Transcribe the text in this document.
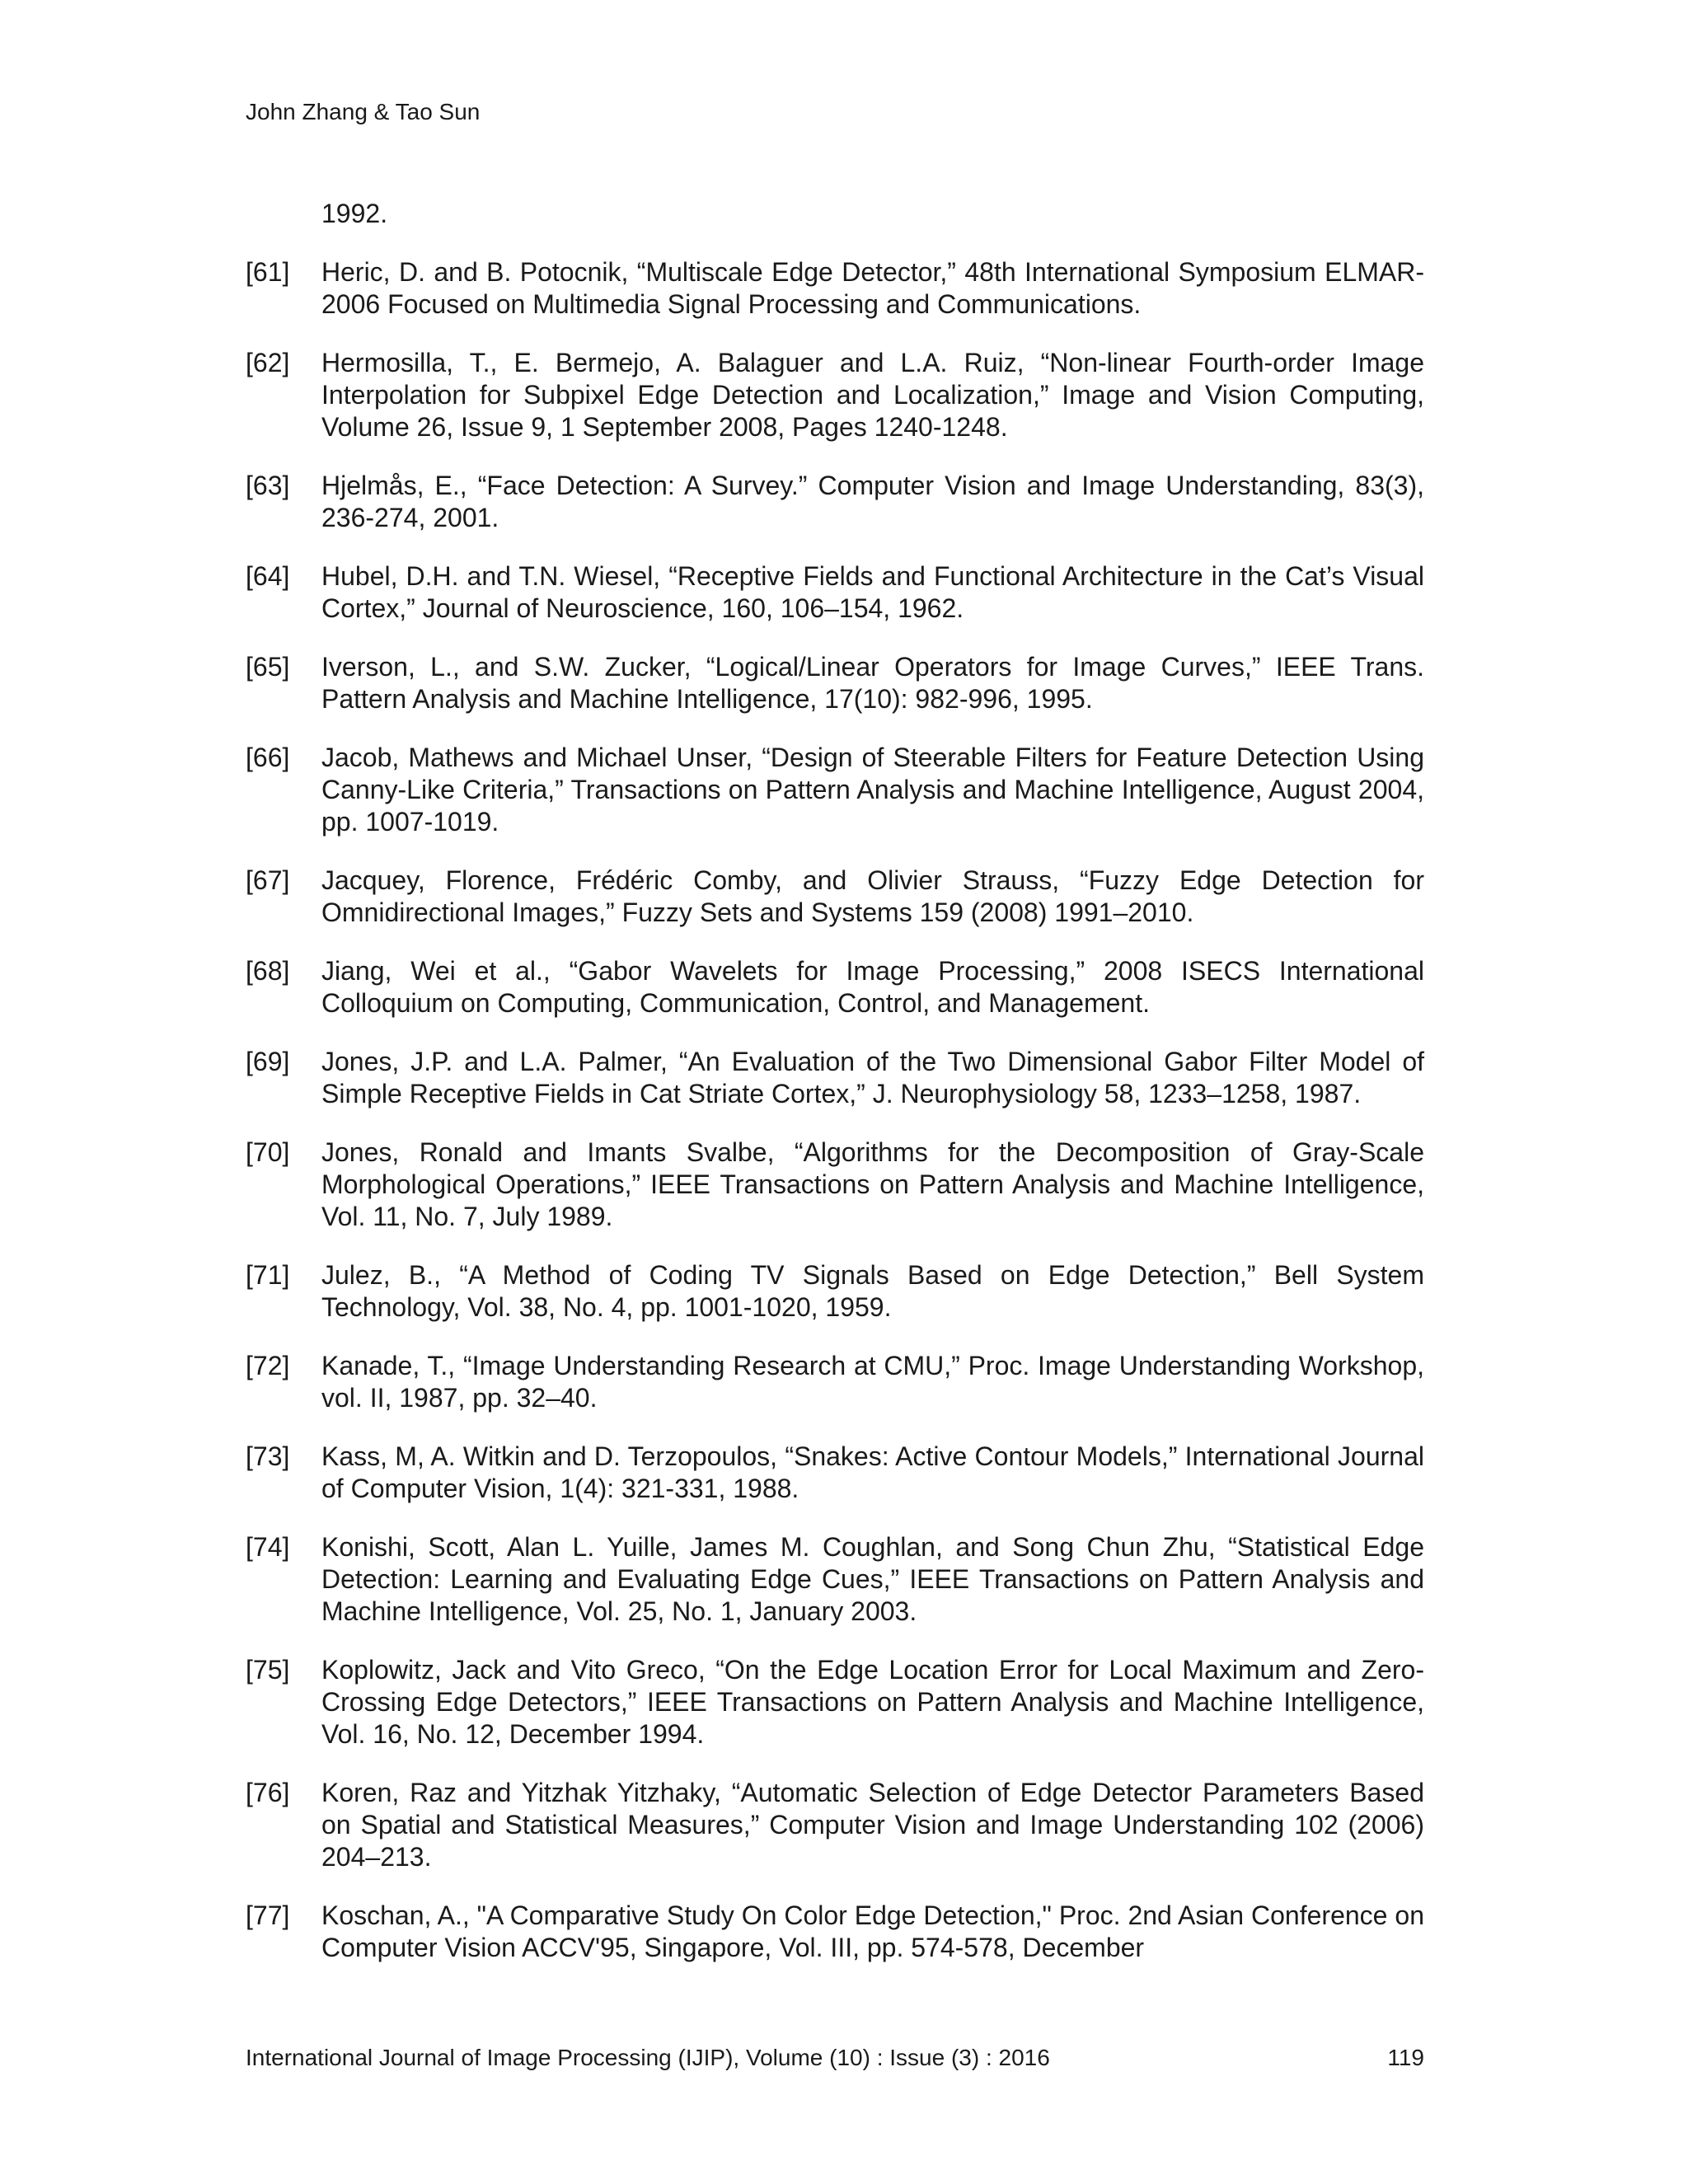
John Zhang & Tao Sun
1992.
[61]	Heric, D. and B. Potocnik, “Multiscale Edge Detector,” 48th International Symposium ELMAR-2006 Focused on Multimedia Signal Processing and Communications.
[62]	Hermosilla, T., E. Bermejo, A. Balaguer and L.A. Ruiz, “Non-linear Fourth-order Image Interpolation for Subpixel Edge Detection and Localization,” Image and Vision Computing, Volume 26, Issue 9, 1 September 2008, Pages 1240-1248.
[63]	Hjelmås, E., “Face Detection: A Survey.” Computer Vision and Image Understanding, 83(3), 236-274, 2001.
[64]	Hubel, D.H. and T.N. Wiesel, “Receptive Fields and Functional Architecture in the Cat’s Visual Cortex,” Journal of Neuroscience, 160, 106–154, 1962.
[65]	Iverson, L., and S.W. Zucker, “Logical/Linear Operators for Image Curves,” IEEE Trans. Pattern Analysis and Machine Intelligence, 17(10): 982-996, 1995.
[66]	Jacob, Mathews and Michael Unser, “Design of Steerable Filters for Feature Detection Using Canny-Like Criteria,” Transactions on Pattern Analysis and Machine Intelligence, August 2004, pp. 1007-1019.
[67]	Jacquey, Florence, Frédéric Comby, and Olivier Strauss, “Fuzzy Edge Detection for Omnidirectional Images,” Fuzzy Sets and Systems 159 (2008) 1991–2010.
[68]	Jiang, Wei et al., “Gabor Wavelets for Image Processing,” 2008 ISECS International Colloquium on Computing, Communication, Control, and Management.
[69]	Jones, J.P. and L.A. Palmer, “An Evaluation of the Two Dimensional Gabor Filter Model of Simple Receptive Fields in Cat Striate Cortex,” J. Neurophysiology 58, 1233–1258, 1987.
[70]	Jones, Ronald and Imants Svalbe, “Algorithms for the Decomposition of Gray-Scale Morphological Operations,” IEEE Transactions on Pattern Analysis and Machine Intelligence, Vol. 11, No. 7, July 1989.
[71]	Julez, B., “A Method of Coding TV Signals Based on Edge Detection,” Bell System Technology, Vol. 38, No. 4, pp. 1001-1020, 1959.
[72]	Kanade, T., “Image Understanding Research at CMU,” Proc. Image Understanding Workshop, vol. II, 1987, pp. 32–40.
[73]	Kass, M, A. Witkin and D. Terzopoulos, “Snakes: Active Contour Models,” International Journal of Computer Vision, 1(4): 321-331, 1988.
[74]	Konishi, Scott, Alan L. Yuille, James M. Coughlan, and Song Chun Zhu, “Statistical Edge Detection: Learning and Evaluating Edge Cues,” IEEE Transactions on Pattern Analysis and Machine Intelligence, Vol. 25, No. 1, January 2003.
[75]	Koplowitz, Jack and Vito Greco, “On the Edge Location Error for Local Maximum and Zero-Crossing Edge Detectors,” IEEE Transactions on Pattern Analysis and Machine Intelligence, Vol. 16, No. 12, December 1994.
[76]	Koren, Raz and Yitzhak Yitzhaky, “Automatic Selection of Edge Detector Parameters Based on Spatial and Statistical Measures,” Computer Vision and Image Understanding 102 (2006) 204–213.
[77]	Koschan, A., "A Comparative Study On Color Edge Detection," Proc. 2nd Asian Conference on Computer Vision ACCV'95, Singapore, Vol. III, pp. 574-578, December
International Journal of Image Processing (IJIP), Volume (10) : Issue (3) : 2016	119
